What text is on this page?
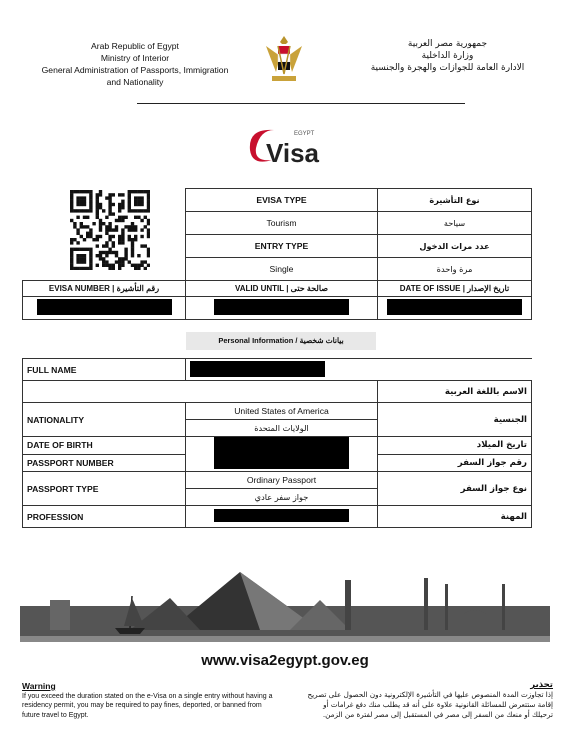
Arab Republic of Egypt
Ministry of Interior
General Administration of Passports, Immigration
and Nationality
جمهورية مصر العربية
وزارة الداخلية
الادارة العامة للجوازات والهجرة والجنسية
EGYPT
Visa
	EVISA TYPE	نوع التأشيرة
	Tourism	سياحة
	ENTRY TYPE	عدد مرات الدخول
	Single	مرة واحدة
EVISA NUMBER | رقم التأشيرة	VALID UNTIL | صالحة حتى	DATE OF ISSUE | تاريخ الإصدار

Personal Information / بيانات شخصية
FULL NAME		
		الاسم باللغة العربية
NATIONALITY	United States of America	الجنسية
	الولايات المتحدة	
DATE OF BIRTH		تاريخ الميلاد
PASSPORT NUMBER		رقم جواز السفر
PASSPORT TYPE	Ordinary Passport	نوع جواز السفر
	جواز سفر عادي	
PROFESSION		المهنة
www.visa2egypt.gov.eg
Warning
If you exceed the duration stated on the e-Visa on a single entry without having a residency permit, you may be required to pay fines, deported, or banned from future travel to Egypt.
تحذير
إذا تجاوزت المدة المنصوص عليها في التأشيرة الإلكترونية دون الحصول على تصريح إقامة ستتعرض للمسائلة القانونية علاوة على أنه قد يطلب منك دفع غرامات أو ترحيلك أو منعك من السفر إلى مصر في المستقبل إلى مصر لفترة من الزمن.
